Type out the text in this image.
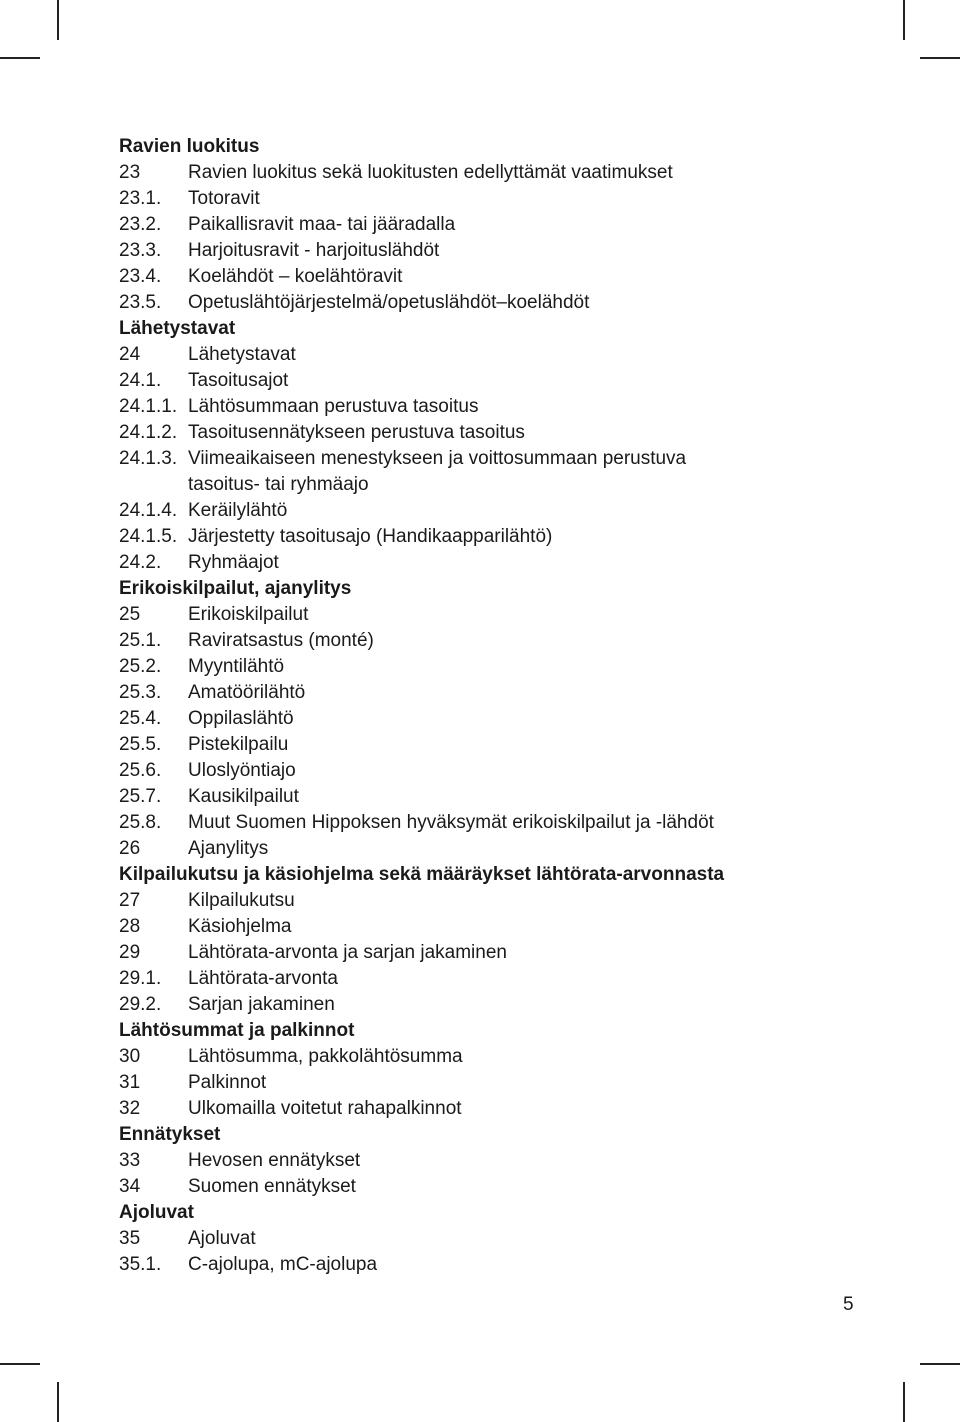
Ravien luokitus
23	Ravien luokitus sekä luokitusten edellyttämät vaatimukset
23.1. Totoravit
23.2. Paikallisravit maa- tai jääradalla
23.3. Harjoitusravit - harjoituslähdöt
23.4. Koelähdöt – koelähtöravit
23.5. Opetuslähtöjärjestelmä/opetuslähdöt–koelähdöt
Lähetystavat
24	Lähetystavat
24.1. Tasoitusajot
24.1.1. Lähtösummaan perustuva tasoitus
24.1.2. Tasoitusennätykseen perustuva tasoitus
24.1.3. Viimeaikaiseen menestykseen ja voittosummaan perustuva
tasoitus- tai ryhmäajo
24.1.4. Keräilylähtö
24.1.5. Järjestetty tasoitusajo (Handikaapparilähtö)
24.2. Ryhmäajot
Erikoiskilpailut, ajanylitys
25	Erikoiskilpailut
25.1. Raviratsastus (monté)
25.2. Myyntilähtö
25.3. Amatöörilähtö
25.4. Oppilaslähtö
25.5. Pistekilpailu
25.6. Uloslyöntiajo
25.7. Kausikilpailut
25.8. Muut Suomen Hippoksen hyväksymät erikoiskilpailut ja -lähdöt
26	Ajanylitys
Kilpailukutsu ja käsiohjelma sekä määräykset lähtörata-arvonnasta
27	Kilpailukutsu
28	Käsiohjelma
29	Lähtörata-arvonta ja sarjan jakaminen
29.1. Lähtörata-arvonta
29.2. Sarjan jakaminen
Lähtösummat ja palkinnot
30	Lähtösumma, pakkolähtösumma
31	Palkinnot
32	Ulkomailla voitetut rahapalkinnot
Ennätykset
33	Hevosen ennätykset
34	Suomen ennätykset
Ajoluvat
35	Ajoluvat
35.1. C-ajolupa, mC-ajolupa
5
